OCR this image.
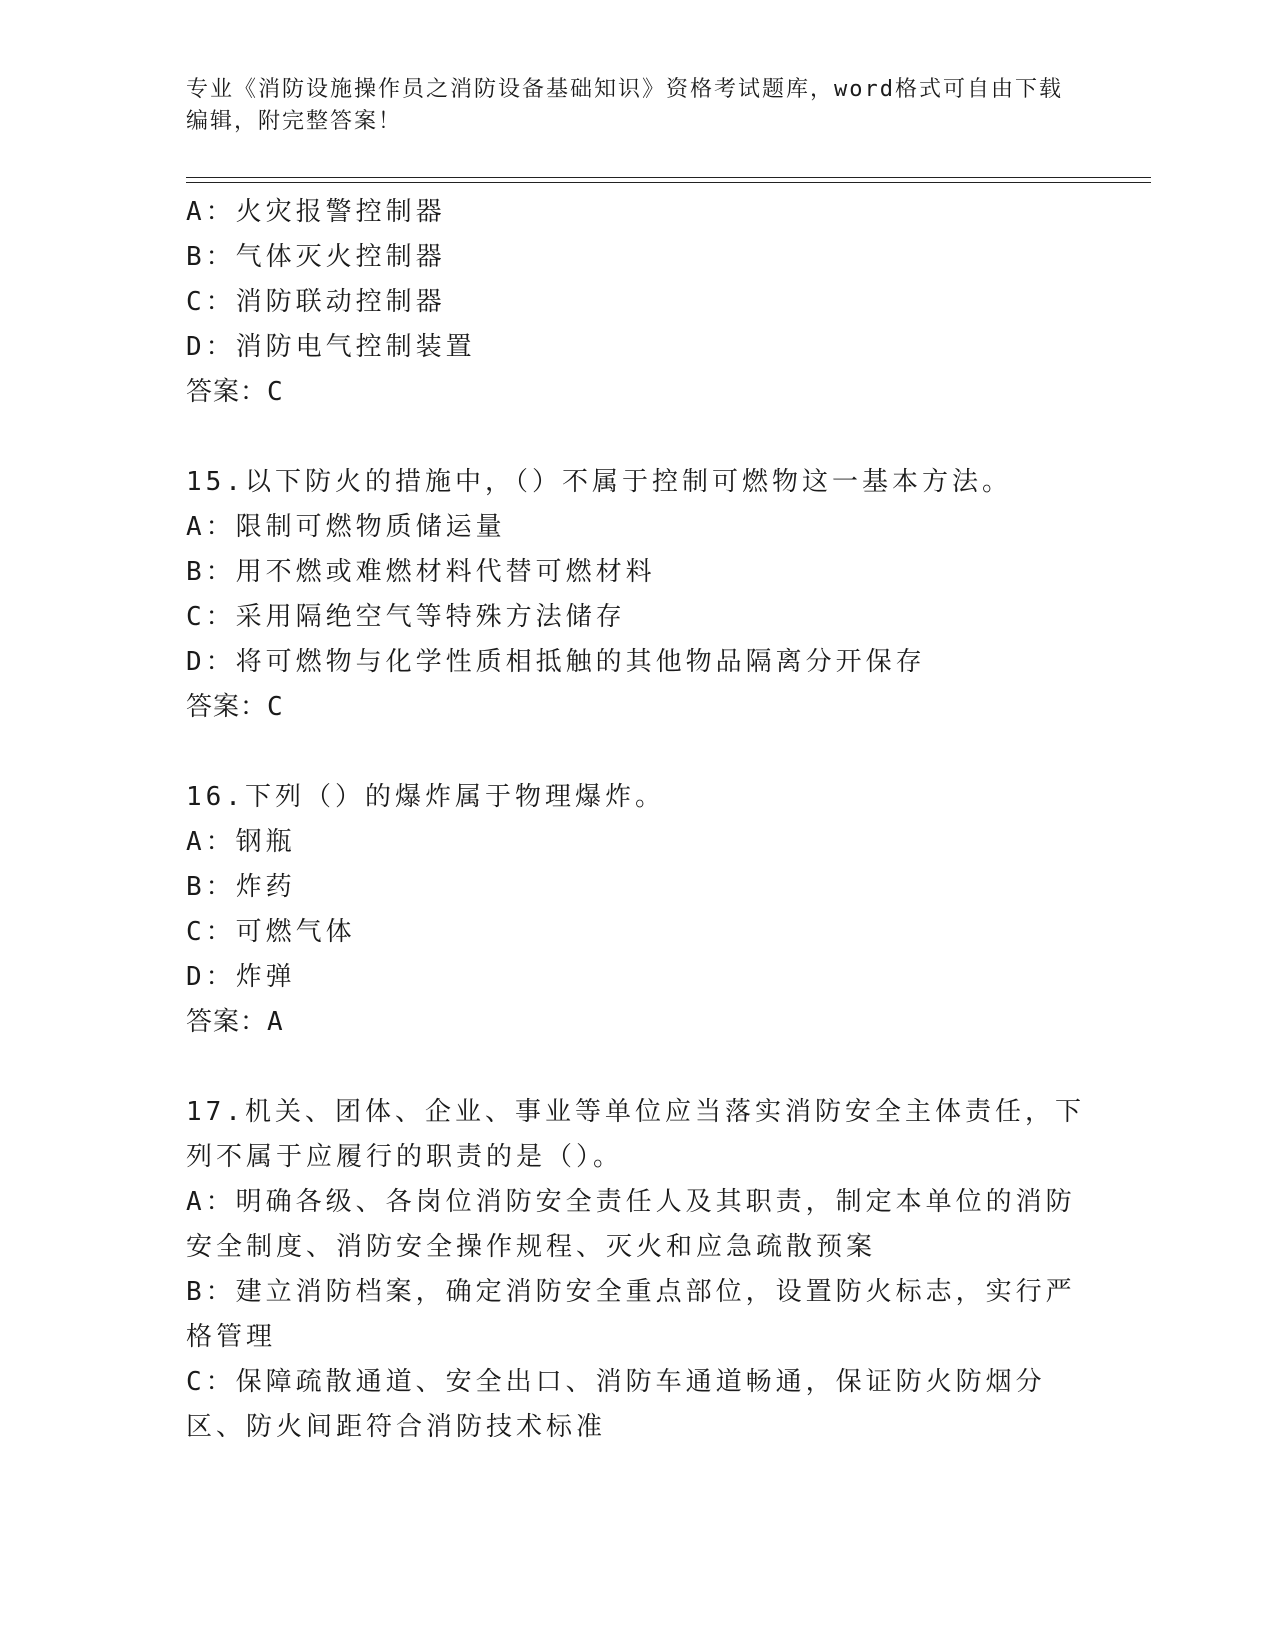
专业《消防设施操作员之消防设备基础知识》资格考试题库，word格式可自由下载编辑，附完整答案！
A：火灾报警控制器
B：气体灭火控制器
C：消防联动控制器
D：消防电气控制装置
答案：C
15.以下防火的措施中，（）不属于控制可燃物这一基本方法。
A：限制可燃物质储运量
B：用不燃或难燃材料代替可燃材料
C：采用隔绝空气等特殊方法储存
D：将可燃物与化学性质相抵触的其他物品隔离分开保存
答案：C
16.下列（）的爆炸属于物理爆炸。
A：钢瓶
B：炸药
C：可燃气体
D：炸弹
答案：A
17.机关、团体、企业、事业等单位应当落实消防安全主体责任，下列不属于应履行的职责的是（）。
A：明确各级、各岗位消防安全责任人及其职责，制定本单位的消防安全制度、消防安全操作规程、灭火和应急疏散预案
B：建立消防档案，确定消防安全重点部位，设置防火标志，实行严格管理
C：保障疏散通道、安全出口、消防车通道畅通，保证防火防烟分区、防火间距符合消防技术标准
